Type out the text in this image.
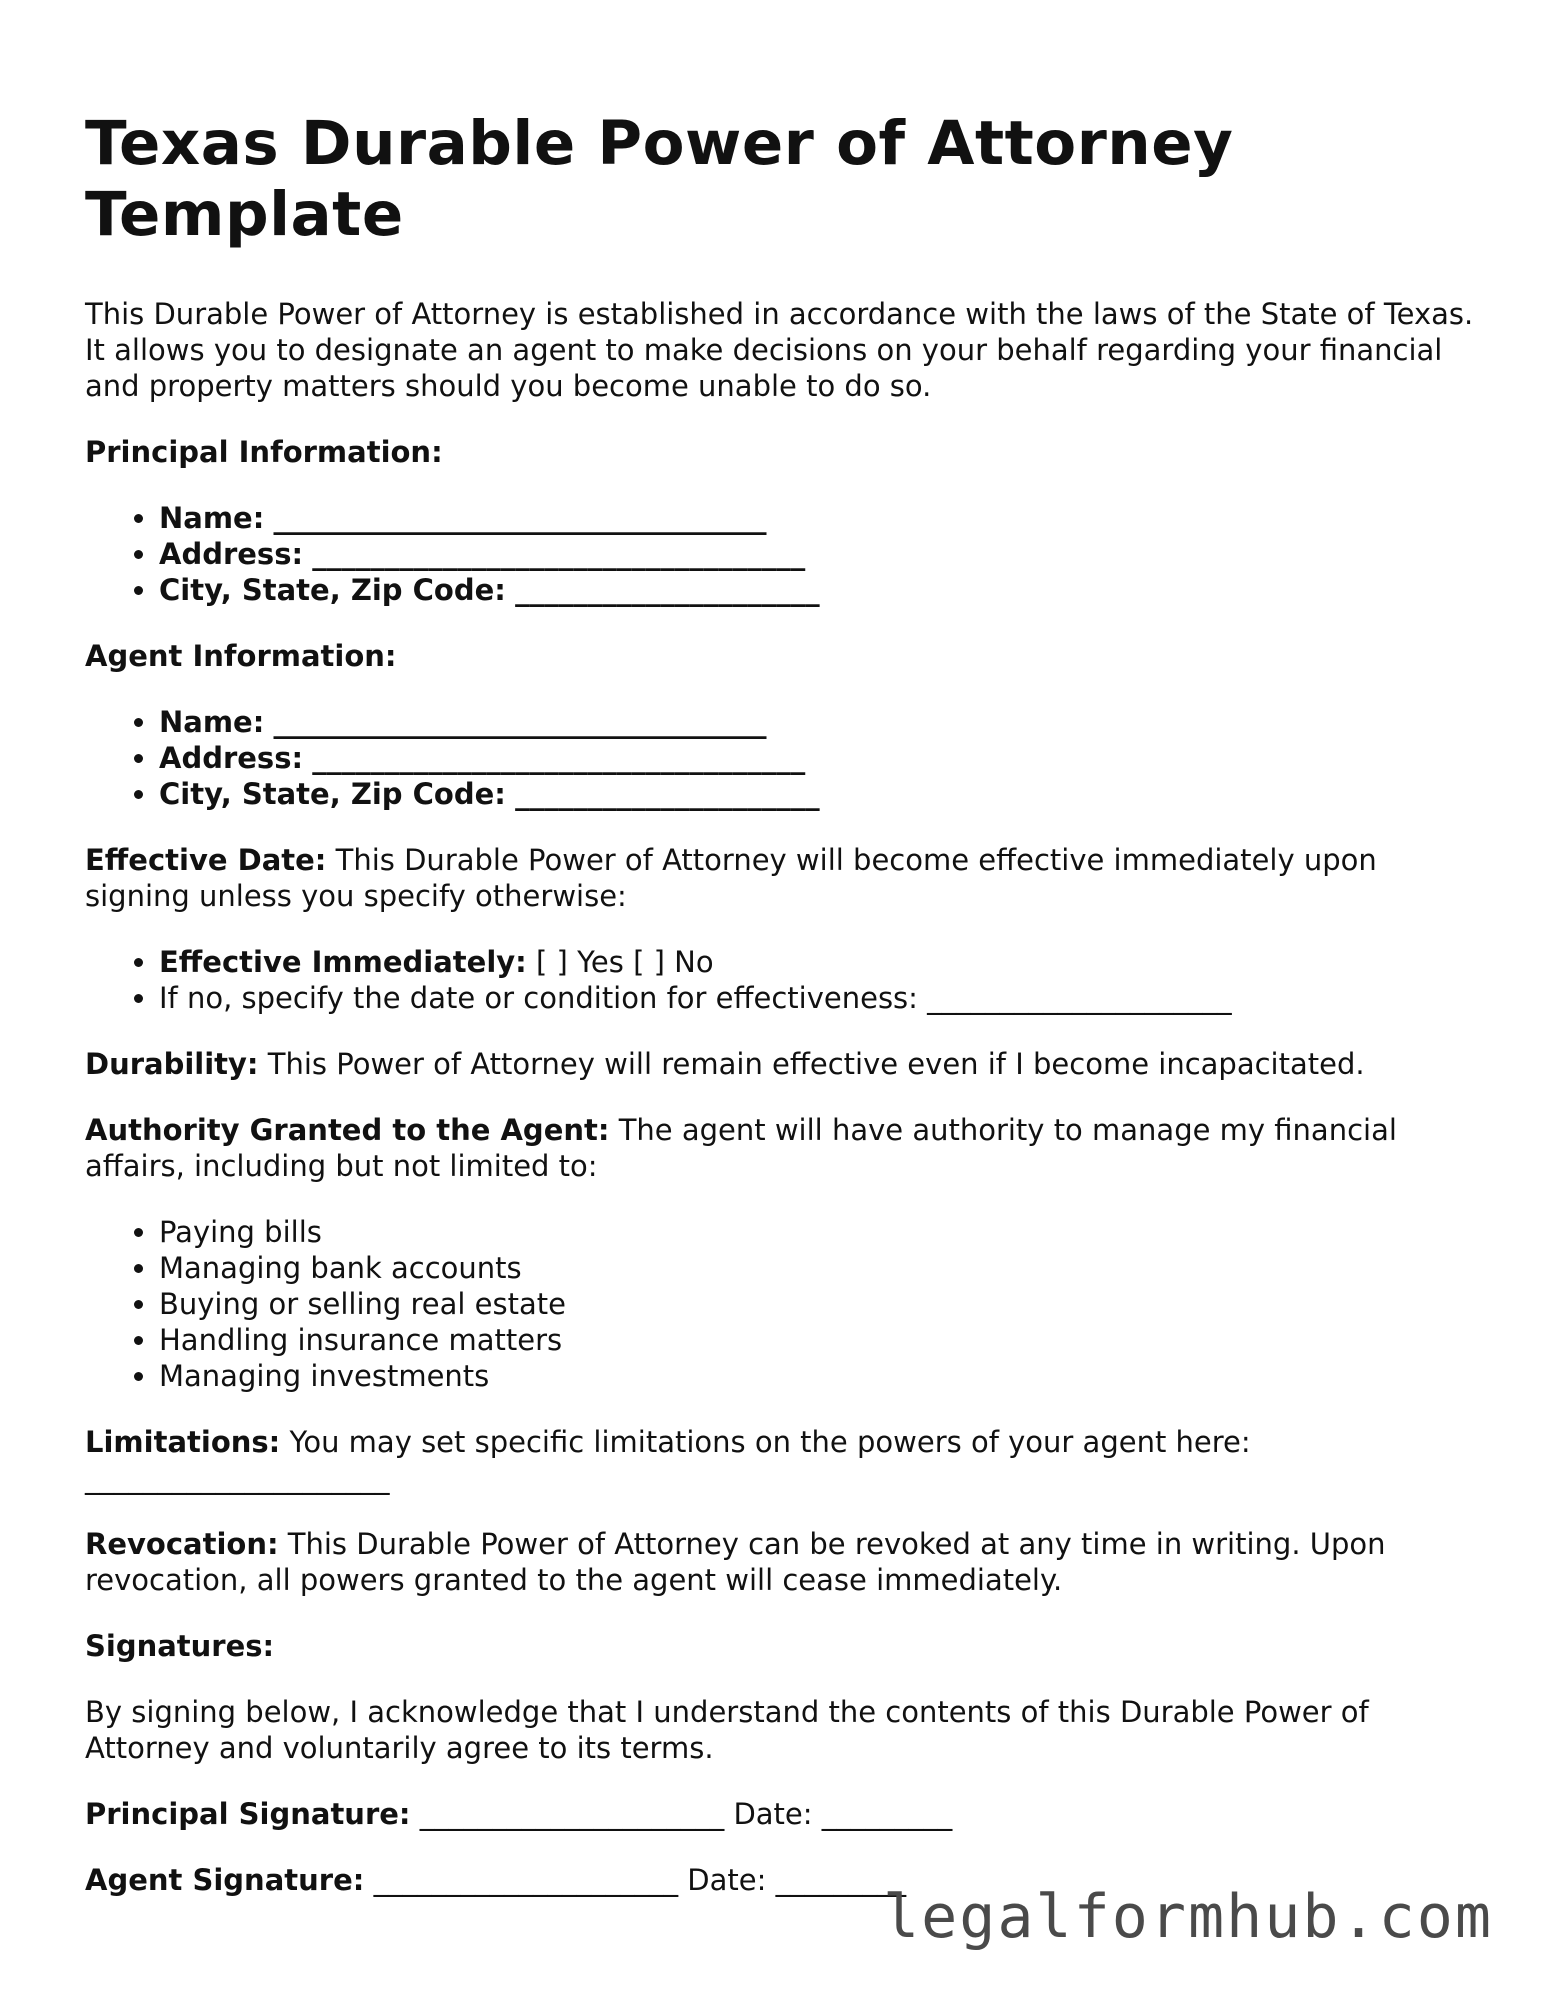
Texas Durable Power of Attorney Template

This Durable Power of Attorney is established in accordance with the laws of the State of Texas. It allows you to designate an agent to make decisions on your behalf regarding your financial and property matters should you become unable to do so.

Principal Information:

• Name: __________________________________
• Address: __________________________________
• City, State, Zip Code: _____________________

Agent Information:

• Name: __________________________________
• Address: __________________________________
• City, State, Zip Code: _____________________

Effective Date: This Durable Power of Attorney will become effective immediately upon signing unless you specify otherwise:

• Effective Immediately: [ ] Yes [ ] No
• If no, specify the date or condition for effectiveness: _____________________

Durability: This Power of Attorney will remain effective even if I become incapacitated.

Authority Granted to the Agent: The agent will have authority to manage my financial affairs, including but not limited to:

• Paying bills
• Managing bank accounts
• Buying or selling real estate
• Handling insurance matters
• Managing investments

Limitations: You may set specific limitations on the powers of your agent here: _____________________

Revocation: This Durable Power of Attorney can be revoked at any time in writing. Upon revocation, all powers granted to the agent will cease immediately.

Signatures:

By signing below, I acknowledge that I understand the contents of this Durable Power of Attorney and voluntarily agree to its terms.

Principal Signature: _____________________ Date: _________

Agent Signature: _____________________ Date: _________

legalformhub.com
